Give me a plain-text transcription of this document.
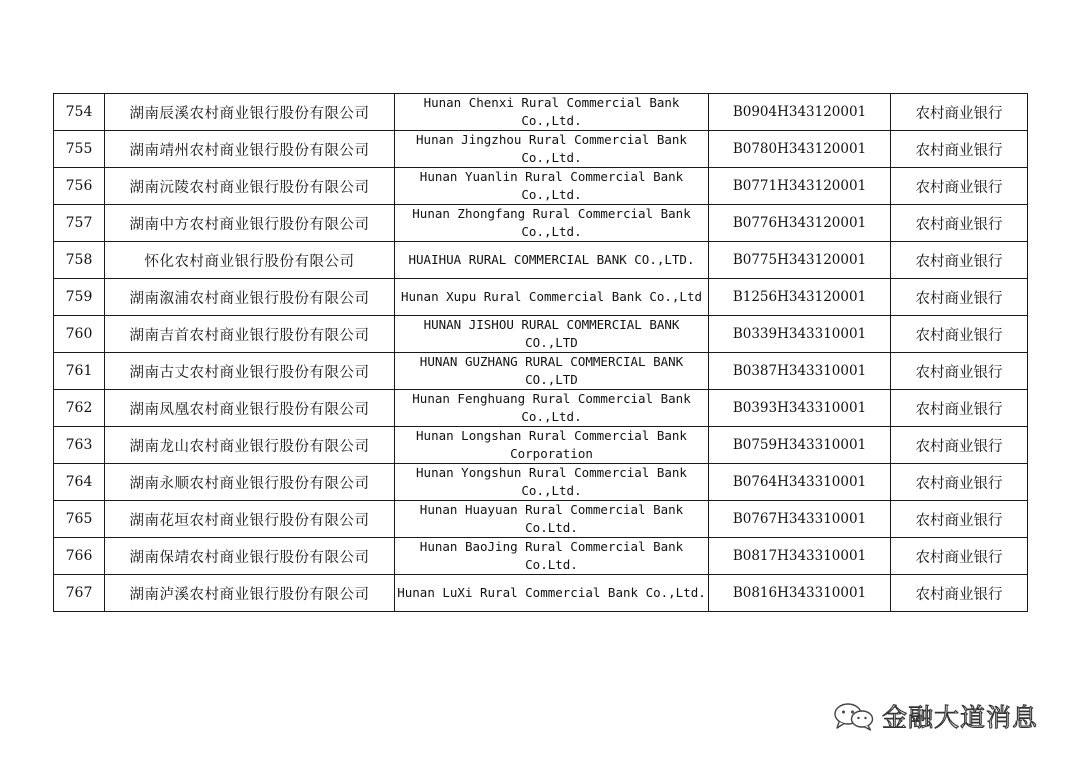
754	湖南辰溪农村商业银行股份有限公司	Hunan Chenxi Rural Commercial Bank Co.,Ltd.	B0904H343120001	农村商业银行
755	湖南靖州农村商业银行股份有限公司	Hunan Jingzhou Rural Commercial Bank Co.,Ltd.	B0780H343120001	农村商业银行
756	湖南沅陵农村商业银行股份有限公司	Hunan Yuanlin Rural Commercial Bank Co.,Ltd.	B0771H343120001	农村商业银行
757	湖南中方农村商业银行股份有限公司	Hunan Zhongfang Rural Commercial Bank Co.,Ltd.	B0776H343120001	农村商业银行
758	怀化农村商业银行股份有限公司	HUAIHUA RURAL COMMERCIAL BANK CO.,LTD.	B0775H343120001	农村商业银行
759	湖南溆浦农村商业银行股份有限公司	Hunan Xupu Rural Commercial Bank Co.,Ltd	B1256H343120001	农村商业银行
760	湖南吉首农村商业银行股份有限公司	HUNAN JISHOU RURAL COMMERCIAL BANK CO.,LTD	B0339H343310001	农村商业银行
761	湖南古丈农村商业银行股份有限公司	HUNAN GUZHANG RURAL COMMERCIAL BANK CO.,LTD	B0387H343310001	农村商业银行
762	湖南凤凰农村商业银行股份有限公司	Hunan Fenghuang Rural Commercial Bank Co.,Ltd.	B0393H343310001	农村商业银行
763	湖南龙山农村商业银行股份有限公司	Hunan Longshan Rural Commercial Bank Corporation	B0759H343310001	农村商业银行
764	湖南永顺农村商业银行股份有限公司	Hunan Yongshun Rural Commercial Bank Co.,Ltd.	B0764H343310001	农村商业银行
765	湖南花垣农村商业银行股份有限公司	Hunan Huayuan Rural Commercial Bank Co.Ltd.	B0767H343310001	农村商业银行
766	湖南保靖农村商业银行股份有限公司	Hunan BaoJing Rural Commercial Bank Co.Ltd.	B0817H343310001	农村商业银行
767	湖南泸溪农村商业银行股份有限公司	Hunan LuXi Rural Commercial Bank Co.,Ltd.	B0816H343310001	农村商业银行
金融大道消息
